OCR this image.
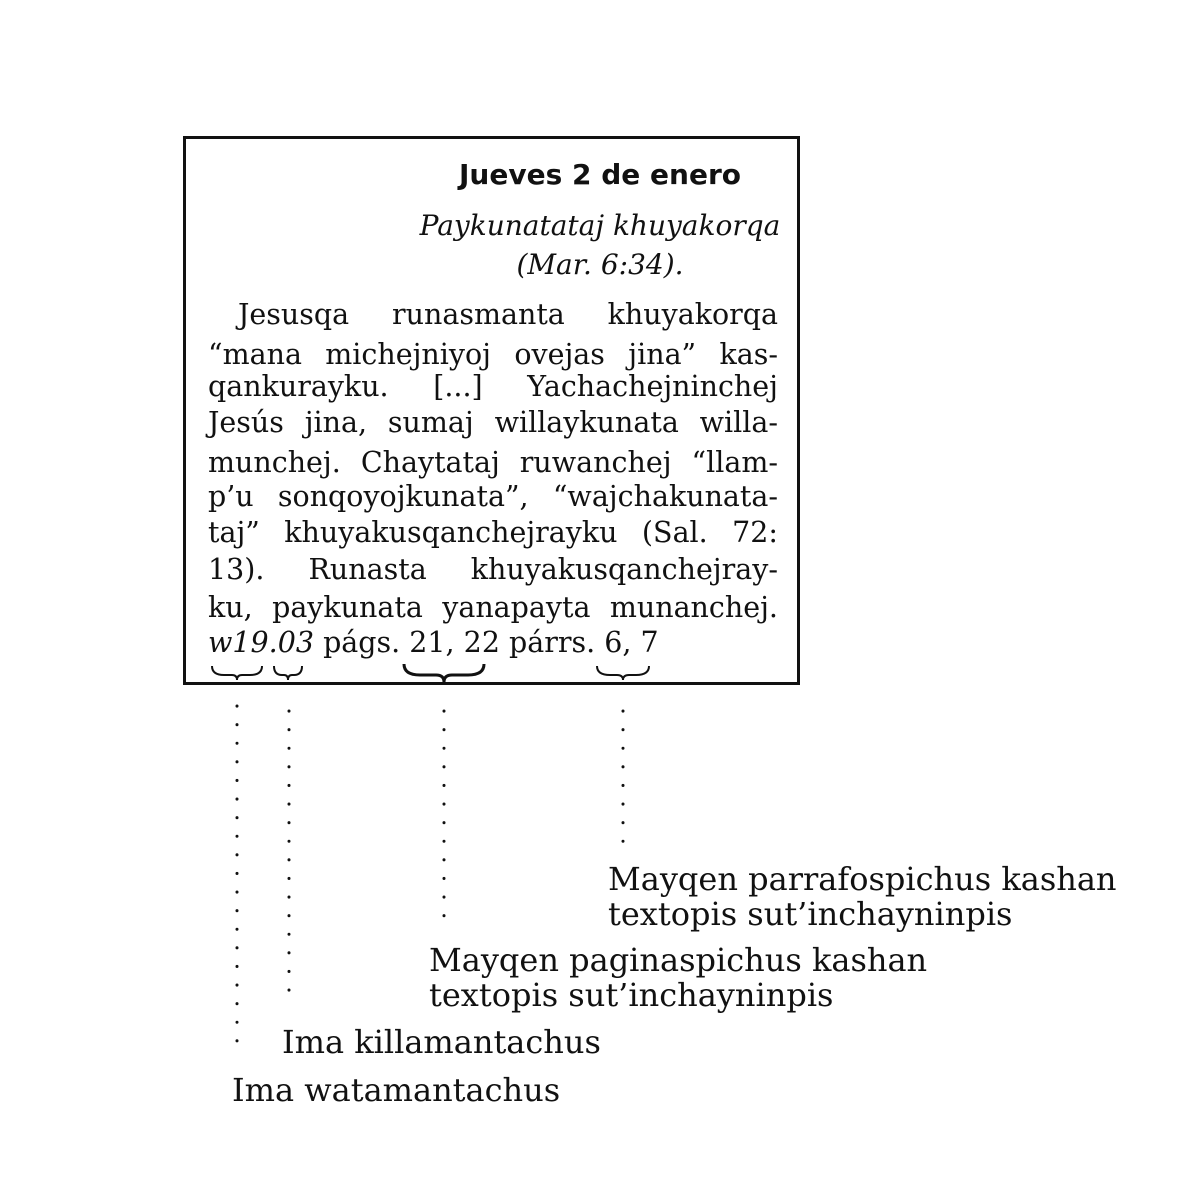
Jueves 2 de enero
Paykunatataj khuyakorqa
(Mar. 6:34).
Jesusqa runasmanta khuyakorqa
“mana michejniyoj ovejas jina” kas-
qankurayku. [...] Yachachejninchej
Jesús jina, sumaj willaykunata willa-
munchej. Chaytataj ruwanchej “llam-
p’u sonqoyojkunata”, “wajchakunata-
taj” khuyakusqanchejrayku (Sal. 72:
13). Runasta khuyakusqanchejray-
ku, paykunata yanapayta munanchej.
w19.03 págs. 21, 22 párrs. 6, 7
Mayqen parrafospichus kashan
textopis sut’inchayninpis
Mayqen paginaspichus kashan
textopis sut’inchayninpis
Ima killamantachus
Ima watamantachus
